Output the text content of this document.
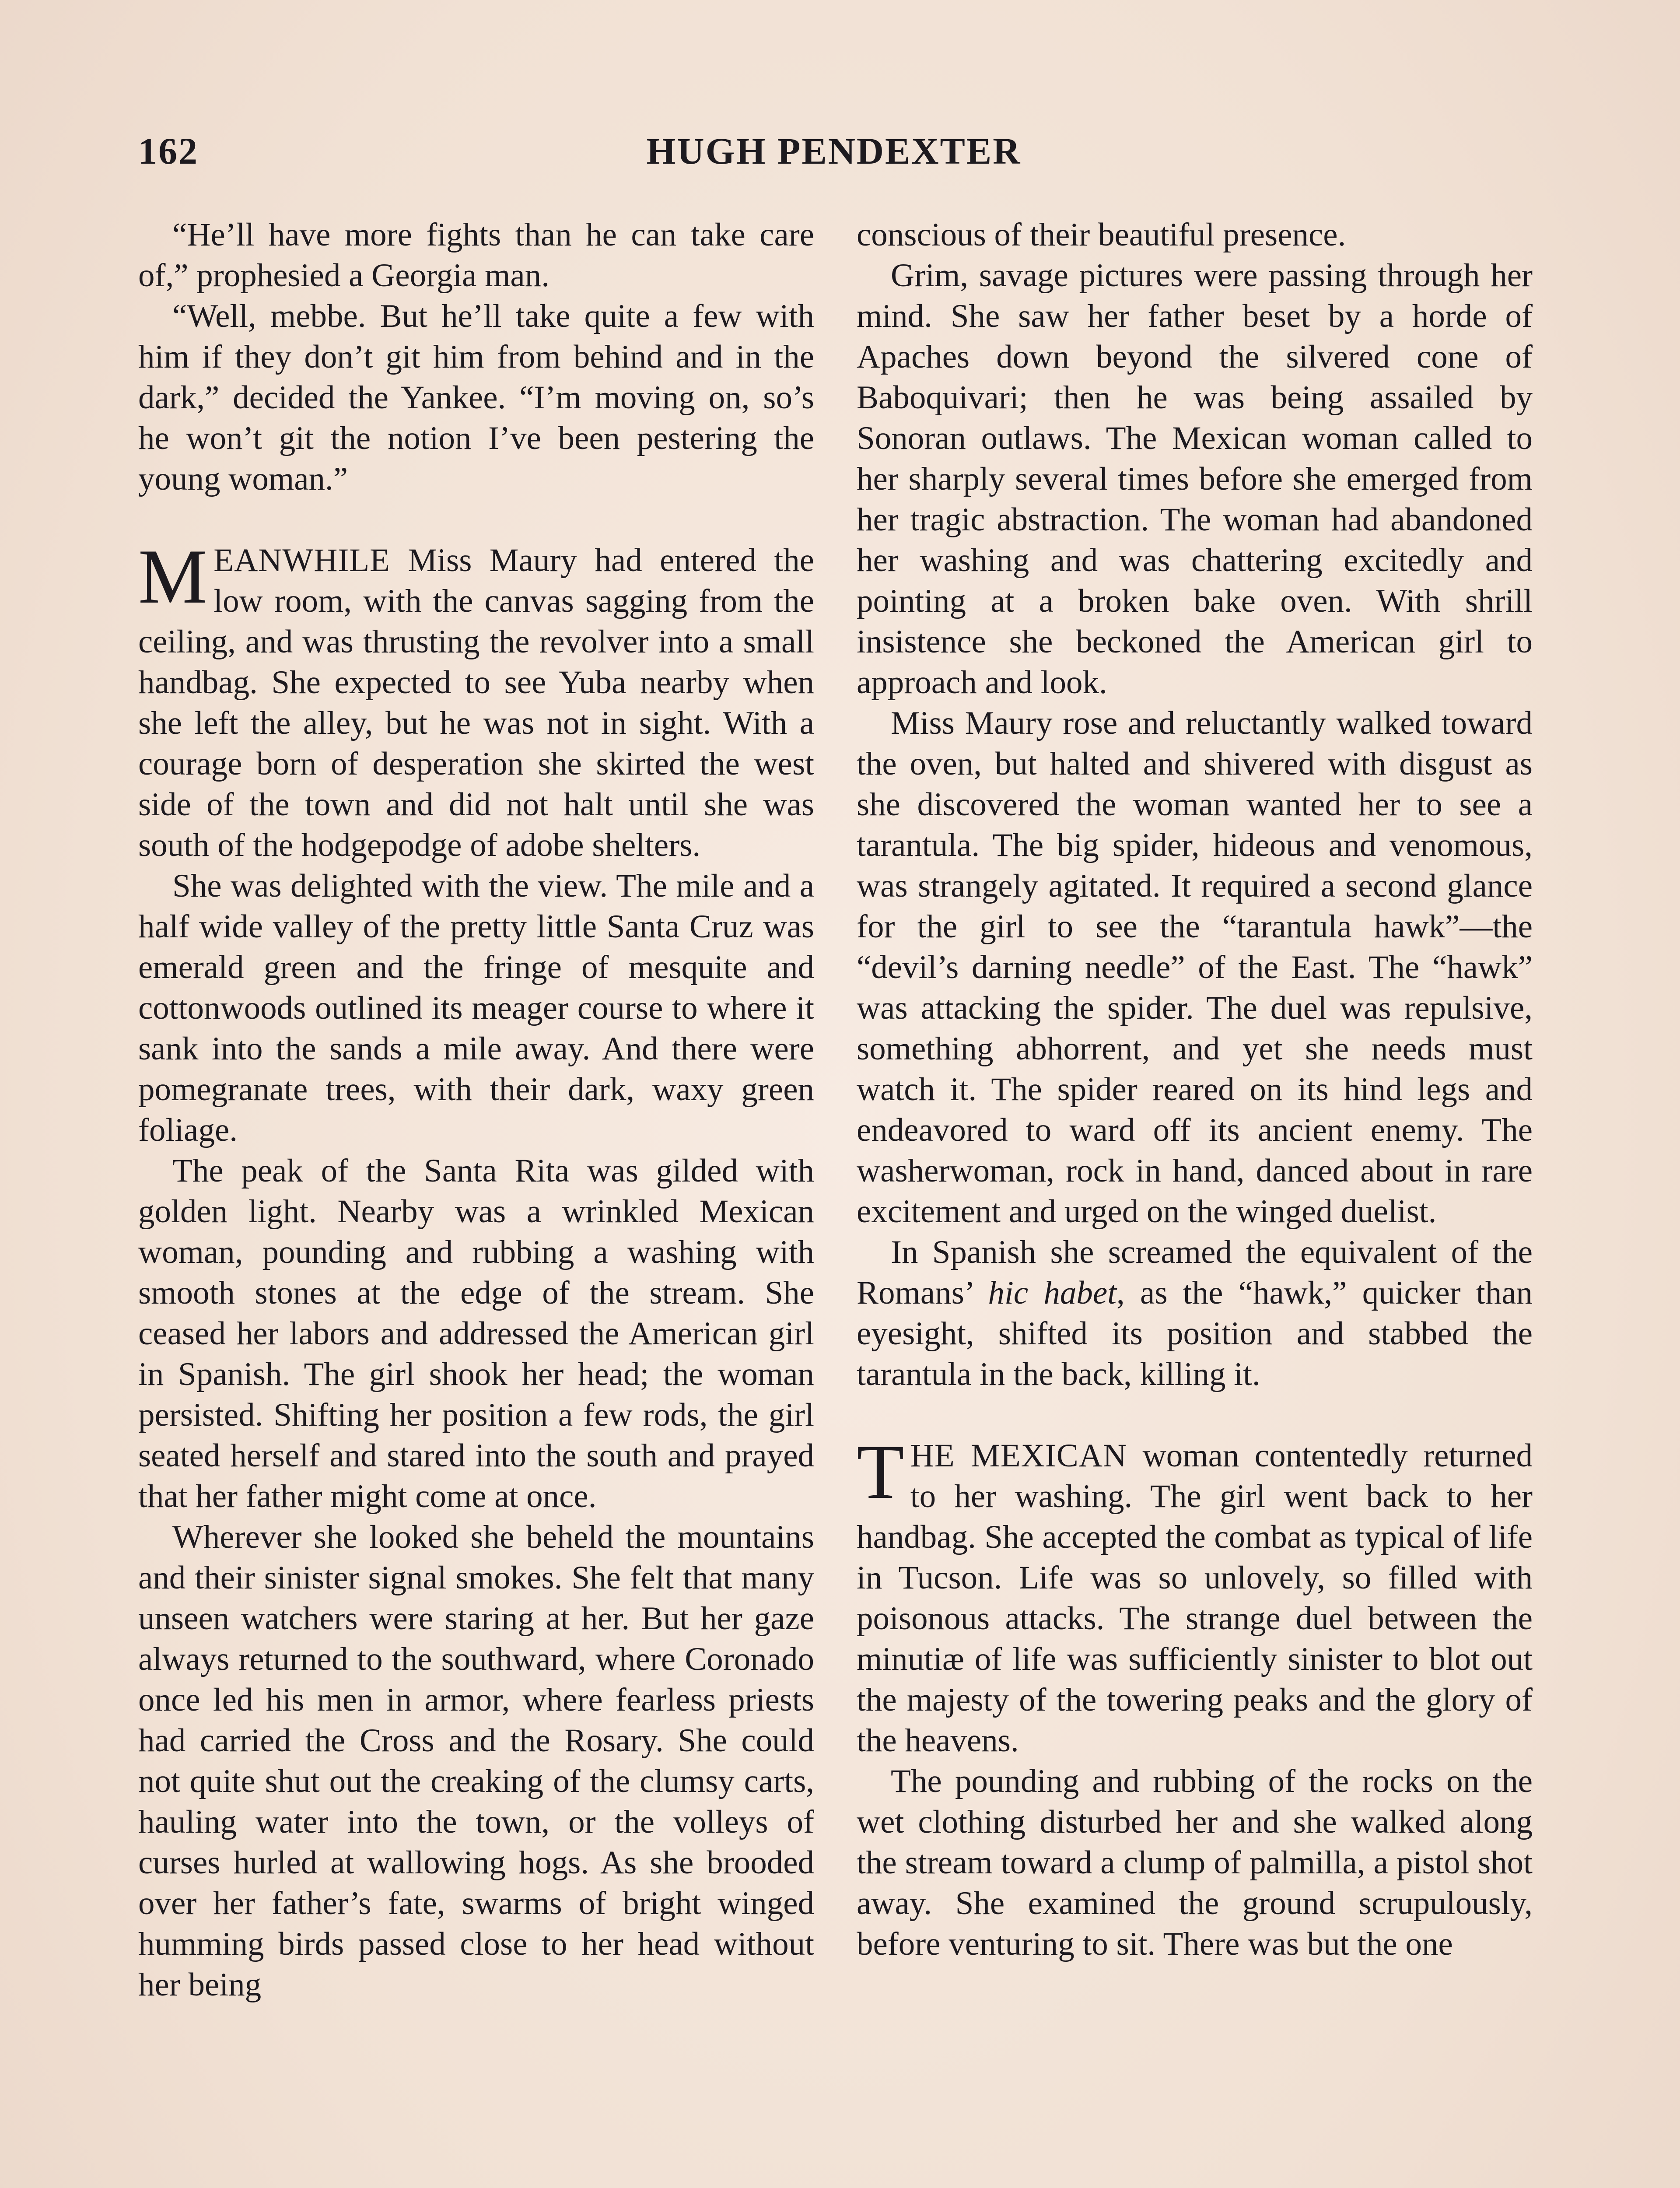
162	HUGH PENDEXTER

“He’ll have more fights than he can take care of,” prophesied a Georgia man.

“Well, mebbe. But he’ll take quite a few with him if they don’t git him from behind and in the dark,” decided the Yankee. “I’m moving on, so’s he won’t git the notion I’ve been pestering the young woman.”

MEANWHILE Miss Maury had entered the low room, with the canvas sagging from the ceiling, and was thrusting the revolver into a small handbag. She expected to see Yuba nearby when she left the alley, but he was not in sight. With a courage born of desperation she skirted the west side of the town and did not halt until she was south of the hodgepodge of adobe shelters.

She was delighted with the view. The mile and a half wide valley of the pretty little Santa Cruz was emerald green and the fringe of mesquite and cottonwoods outlined its meager course to where it sank into the sands a mile away. And there were pomegranate trees, with their dark, waxy green foliage.

The peak of the Santa Rita was gilded with golden light. Nearby was a wrinkled Mexican woman, pounding and rubbing a washing with smooth stones at the edge of the stream. She ceased her labors and addressed the American girl in Spanish. The girl shook her head; the woman persisted. Shifting her position a few rods, the girl seated herself and stared into the south and prayed that her father might come at once.

Wherever she looked she beheld the mountains and their sinister signal smokes. She felt that many unseen watchers were staring at her. But her gaze always returned to the southward, where Coronado once led his men in armor, where fearless priests had carried the Cross and the Rosary. She could not quite shut out the creaking of the clumsy carts, hauling water into the town, or the volleys of curses hurled at wallowing hogs. As she brooded over her father’s fate, swarms of bright winged humming birds passed close to her head without her being

conscious of their beautiful presence.

Grim, savage pictures were passing through her mind. She saw her father beset by a horde of Apaches down beyond the silvered cone of Baboquivari; then he was being assailed by Sonoran outlaws. The Mexican woman called to her sharply several times before she emerged from her tragic abstraction. The woman had abandoned her washing and was chattering excitedly and pointing at a broken bake oven. With shrill insistence she beckoned the American girl to approach and look.

Miss Maury rose and reluctantly walked toward the oven, but halted and shivered with disgust as she discovered the woman wanted her to see a tarantula. The big spider, hideous and venomous, was strangely agitated. It required a second glance for the girl to see the “tarantula hawk”—the “devil’s darning needle” of the East. The “hawk” was attacking the spider. The duel was repulsive, something abhorrent, and yet she needs must watch it. The spider reared on its hind legs and endeavored to ward off its ancient enemy. The washerwoman, rock in hand, danced about in rare excitement and urged on the winged duelist.

In Spanish she screamed the equivalent of the Romans’ hic habet, as the “hawk,” quicker than eyesight, shifted its position and stabbed the tarantula in the back, killing it.

THE MEXICAN woman contentedly returned to her washing. The girl went back to her handbag. She accepted the combat as typical of life in Tucson. Life was so unlovely, so filled with poisonous attacks. The strange duel between the minutiæ of life was sufficiently sinister to blot out the majesty of the towering peaks and the glory of the heavens.

The pounding and rubbing of the rocks on the wet clothing disturbed her and she walked along the stream toward a clump of palmilla, a pistol shot away. She examined the ground scrupulously, before venturing to sit. There was but the one
